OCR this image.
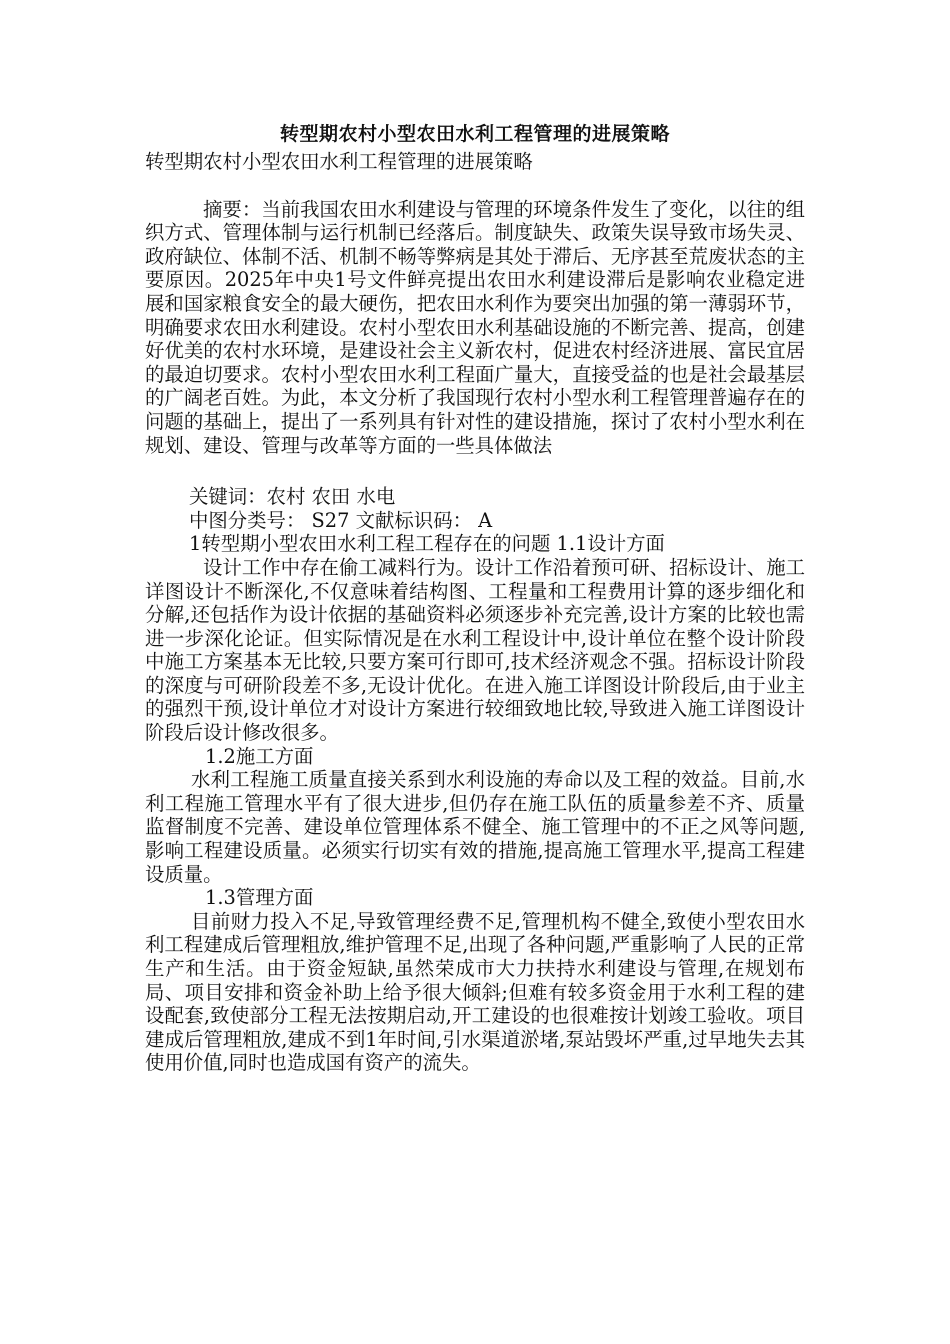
转型期农村小型农田水利工程管理的进展策略

转型期农村小型农田水利工程管理的进展策略

摘要：当前我国农田水利建设与管理的环境条件发生了变化，以往的组织方式、管理体制与运行机制已经落后。制度缺失、政策失误导致市场失灵、政府缺位、体制不活、机制不畅等弊病是其处于滞后、无序甚至荒废状态的主要原因。2025年中央1号文件鲜亮提出农田水利建设滞后是影响农业稳定进展和国家粮食安全的最大硬伤，把农田水利作为要突出加强的第一薄弱环节，明确要求农田水利建设。农村小型农田水利基础设施的不断完善、提高，创建好优美的农村水环境，是建设社会主义新农村，促进农村经济进展、富民宜居的最迫切要求。农村小型农田水利工程面广量大，直接受益的也是社会最基层的广阔老百姓。为此，本文分析了我国现行农村小型水利工程管理普遍存在的问题的基础上，提出了一系列具有针对性的建设措施，探讨了农村小型水利在规划、建设、管理与改革等方面的一些具体做法

关键词：农村 农田 水电

中图分类号： S27 文献标识码： A

1转型期小型农田水利工程工程存在的问题 1.1设计方面

设计工作中存在偷工减料行为。设计工作沿着预可研、招标设计、施工详图设计不断深化,不仅意味着结构图、工程量和工程费用计算的逐步细化和分解,还包括作为设计依据的基础资料必须逐步补充完善,设计方案的比较也需进一步深化论证。但实际情况是在水利工程设计中,设计单位在整个设计阶段中施工方案基本无比较,只要方案可行即可,技术经济观念不强。招标设计阶段的深度与可研阶段差不多,无设计优化。在进入施工详图设计阶段后,由于业主的强烈干预,设计单位才对设计方案进行较细致地比较,导致进入施工详图设计阶段后设计修改很多。

1.2施工方面

水利工程施工质量直接关系到水利设施的寿命以及工程的效益。目前,水利工程施工管理水平有了很大进步,但仍存在施工队伍的质量参差不齐、质量监督制度不完善、建设单位管理体系不健全、施工管理中的不正之风等问题,影响工程建设质量。必须实行切实有效的措施,提高施工管理水平,提高工程建设质量。

1.3管理方面

目前财力投入不足,导致管理经费不足,管理机构不健全,致使小型农田水利工程建成后管理粗放,维护管理不足,出现了各种问题,严重影响了人民的正常生产和生活。由于资金短缺,虽然荣成市大力扶持水利建设与管理,在规划布局、项目安排和资金补助上给予很大倾斜;但难有较多资金用于水利工程的建设配套,致使部分工程无法按期启动,开工建设的也很难按计划竣工验收。项目建成后管理粗放,建成不到1年时间,引水渠道淤堵,泵站毁坏严重,过早地失去其使用价值,同时也造成国有资产的流失。
